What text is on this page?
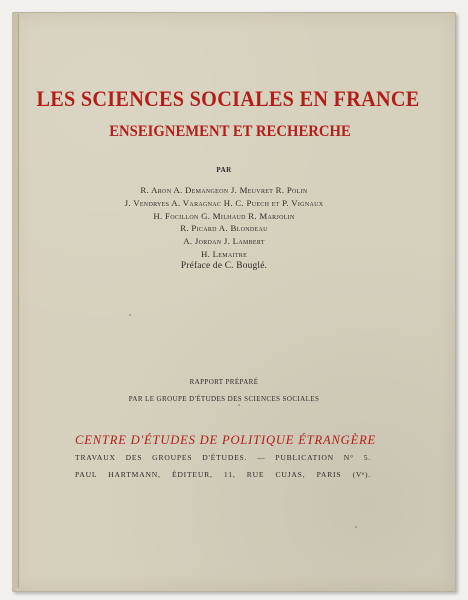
LES SCIENCES SOCIALES EN FRANCE
ENSEIGNEMENT ET RECHERCHE
PAR
R. Aron A. Demangeon J. Meuvret R. Polin
J. Vendryes A. Varagnac H. C. Puech et P. Vignaux
H. Focillon G. Milhaud R. Marjolin
R. Picard A. Blondeau
A. Jordan J. Lambert
H. Lemaitre
Préface de C. Bouglé.
RAPPORT PRÉPARÉ
PAR LE GROUPE D'ÉTUDES DES SCIENCES SOCIALES
CENTRE D'ÉTUDES DE POLITIQUE ÉTRANGÈRE
TRAVAUX DES GROUPES D'ÉTUDES. — PUBLICATION N° 5.
PAUL HARTMANN, ÉDITEUR, 11, RUE CUJAS, PARIS (Vᵉ).
